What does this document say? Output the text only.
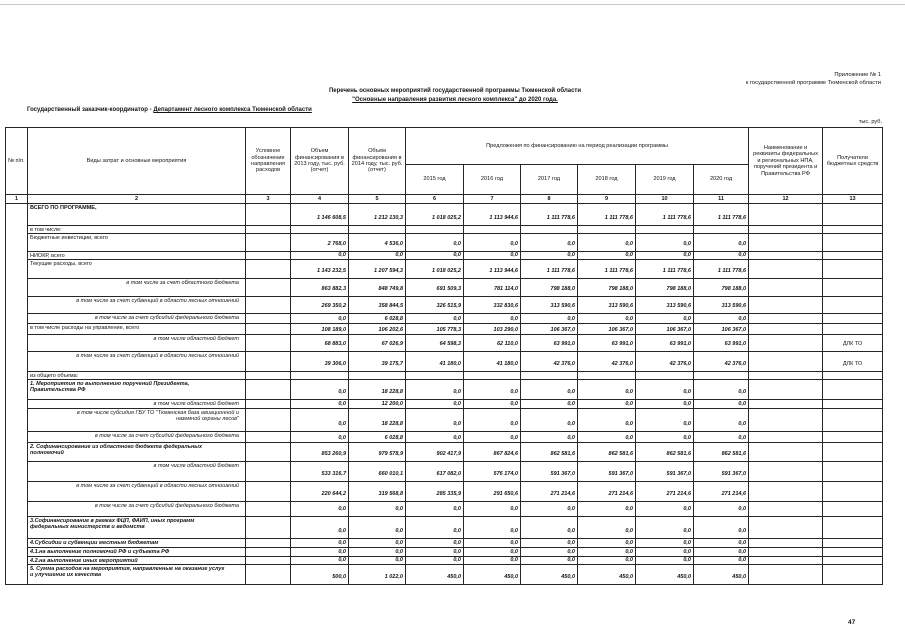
Приложение № 1
к государственной программе Тюменской области
Перечень основных мероприятий государственной программы Тюменской области
"Основные направления развития лесного комплекса" до 2020 года.
Государственный заказчик-координатор - Департамент лесного комплекса Тюменской области
тыс. руб.
№ п/п.	Виды затрат и основные мероприятия	Условное обозначение направления расходов	Объем финансирования в 2013 году, тыс. руб. (отчет)	Объем финансирования в 2014 году, тыс. руб. (отчет)	Предложения по финансированию на период реализации программы						Наименование и реквизиты федеральных и региональных НПА, поручений президента и Правительства РФ	Получатели бюджетных средств
					2015 год	2016 год	2017 год	2018 год	2019 год	2020 год		
1	2	3	4	5	6	7	8	9	10	11	12	13
	ВСЕГО ПО ПРОГРАММЕ,		1 146 608,5	1 212 130,3	1 018 025,2	1 113 944,6	1 111 778,6	1 111 778,6	1 111 778,6	1 111 778,6		
	в том числе:											
	Бюджетные инвестиции, всего		2 768,0	4 536,0	0,0	0,0	0,0	0,0	0,0	0,0		
	НИОКР, всего		0,0	0,0	0,0	0,0	0,0	0,0	0,0	0,0		
	Текущие расходы, всего		1 143 232,5	1 207 594,3	1 018 025,2	1 113 944,6	1 111 778,6	1 111 778,6	1 111 778,6	1 111 778,6		
	в том числе за счет областного бюджета		863 882,3	848 749,8	691 509,3	781 114,0	798 188,0	798 188,0	798 188,0	798 188,0		
	в том числе за счет субвенций в области лесных отношений		269 350,2	358 844,5	326 515,9	332 830,6	313 590,6	313 590,6	313 590,6	313 590,6		
	в том числе за счет субсидий федерального бюджета		0,0	6 028,8	0,0	0,0	0,0	0,0	0,0	0,0		
	в том числе расходы на управление, всего		108 189,0	106 202,6	105 778,3	103 290,0	106 367,0	106 367,0	106 367,0	106 367,0		
	в том числе областной бюджет		68 883,0	67 026,9	64 598,3	62 110,0	63 991,0	63 991,0	63 991,0	63 991,0		ДЛК ТО
	в том числе за счет субвенций в области лесных отношений		39 306,0	39 175,7	41 180,0	41 180,0	42 376,0	42 376,0	42 376,0	42 376,0		ДЛК ТО
	из общего объема:											
	1. Мероприятия по выполнению поручений Президента, Правительства РФ		0,0	18 228,8	0,0	0,0	0,0	0,0	0,0	0,0		
	в том числе областной бюджет		0,0	12 200,0	0,0	0,0	0,0	0,0	0,0	0,0		
	в том числе субсидия ГБУ ТО "Тюменская база авиационной и наземной охраны лесов"		0,0	18 228,8	0,0	0,0	0,0	0,0	0,0	0,0		
	в том числе за счет субсидий федерального бюджета		0,0	6 028,8	0,0	0,0	0,0	0,0	0,0	0,0		
	2. Софинансирование из областного бюджета федеральных полномочий		853 260,9	979 578,9	902 417,9	867 824,6	862 581,6	862 581,6	862 581,6	862 581,6		
	в том числе областной бюджет		533 316,7	660 010,1	617 082,0	576 174,0	591 367,0	591 367,0	591 367,0	591 367,0		
	в том числе за счет субвенций в области лесных отношений		220 644,2	319 568,8	285 335,9	291 650,6	271 214,6	271 214,6	271 214,6	271 214,6		
	в том числе за счет субсидий федерального бюджета		0,0	0,0	0,0	0,0	0,0	0,0	0,0	0,0		
	3.Софинансирование в рамках ФЦП, ФАИП, иных программ федеральных министерств и ведомств		0,0	0,0	0,0	0,0	0,0	0,0	0,0	0,0		
	4.Субсидии и субвенции местным бюджетам		0,0	0,0	0,0	0,0	0,0	0,0	0,0	0,0		
	4.1.на выполнение полномочий РФ и субъекта РФ		0,0	0,0	0,0	0,0	0,0	0,0	0,0	0,0		
	4.2.на выполнение иных мероприятий		0,0	0,0	0,0	0,0	0,0	0,0	0,0	0,0		
	5. Сумма расходов на мероприятия, направленные на оказание услуг и улучшение их качества		500,0	1 022,0	450,0	450,0	450,0	450,0	450,0	450,0		
47
